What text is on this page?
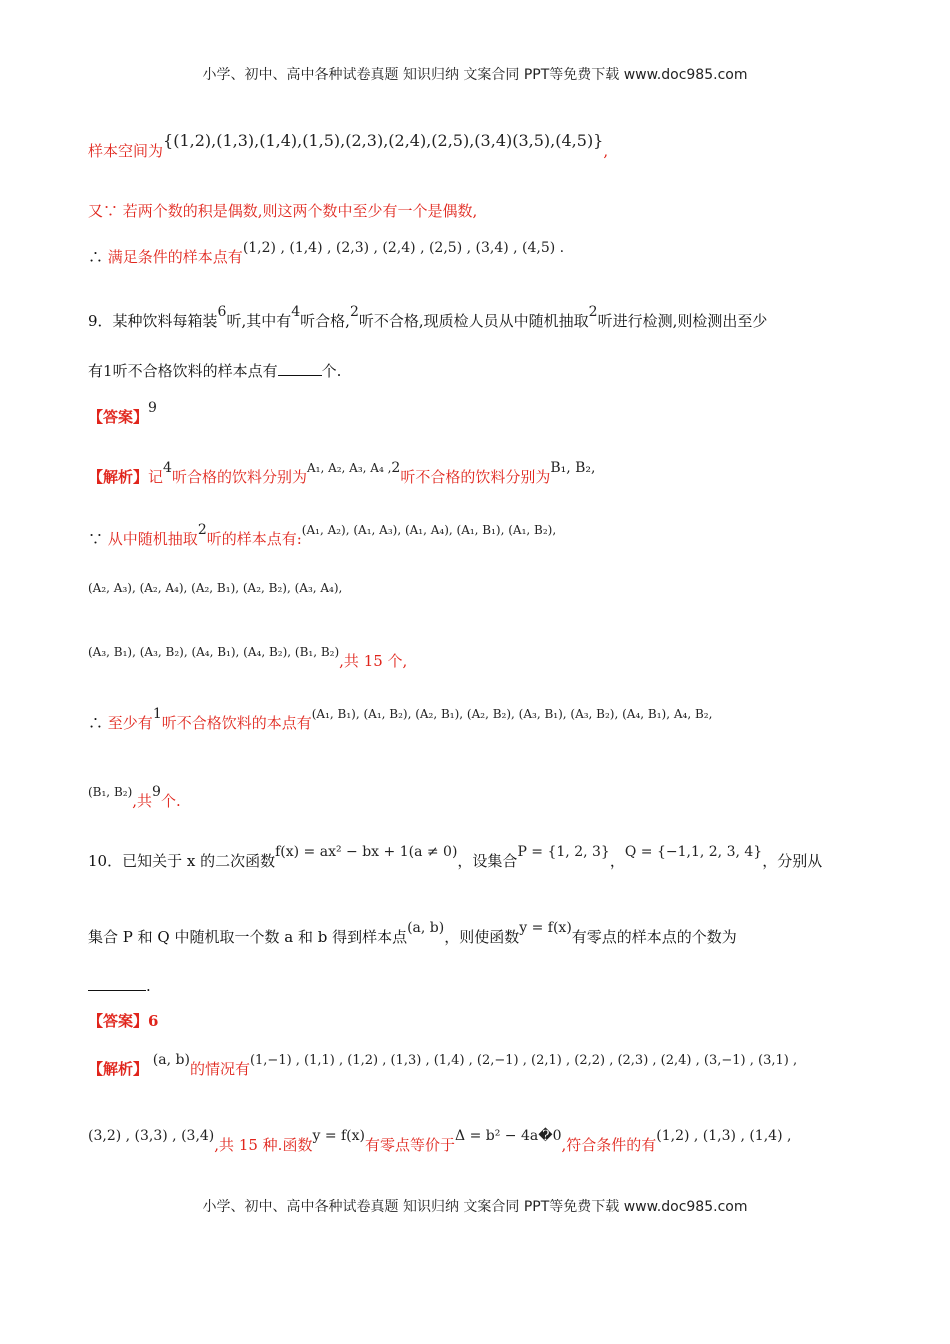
小学、初中、高中各种试卷真题 知识归纳 文案合同 PPT等免费下载 www.doc985.com
样本空间为{(1,2),(1,3),(1,4),(1,5),(2,3),(2,4),(2,5),(3,4)(3,5),(4,5)},
又∵ 若两个数的积是偶数,则这两个数中至少有一个是偶数,
∴ 满足条件的样本点有(1,2) , (1,4) , (2,3) , (2,4) , (2,5) , (3,4) , (4,5) .
9．某种饮料每箱装6听,其中有4听合格,2听不合格,现质检人员从中随机抽取2听进行检测,则检测出至少
有1听不合格饮料的样本点有	个.
【答案】9
【解析】记4听合格的饮料分别为$^{A_1, A_2, A_3, A_4 ,}$2听不合格的饮料分别为B₁, B₂,
∵ 从中随机抽取2听的样本点有:$^{(A_1, A_2), (A_1, A_3), (A_1, A_4), (A_1, B_1), (A_1, B_2),}$
$^{(A_2, A_3), (A_2, A_4), (A_2, B_1), (A_2, B_2), (A_3, A_4),}$
$^{(A_3, B_1), (A_3, B_2), (A_4, B_1), (A_4, B_2), (B_1, B_2)}$,共 15 个,
∴ 至少有1听不合格饮料的本点有$^{(A_1, B_1), (A_1, B_2), (A_2, B_1), (A_2, B_2), (A_3, B_1), (A_3, B_2), (A_4, B_1), A_4, B_2,}$
$^{(B_1, B_2)}$,共9个.
10．已知关于 x 的二次函数f(x) = ax² − bx + 1(a ≠ 0)，设集合P = {1, 2, 3}，Q = {−1,1, 2, 3, 4}，分别从
集合 P 和 Q 中随机取一个数 a 和 b 得到样本点(a, b)，则使函数y = f(x)有零点的样本点的个数为
.
【答案】6
【解析】 (a, b)的情况有(1,−1) , (1,1) , (1,2) , (1,3) , (1,4) , (2,−1) , (2,1) , (2,2) , (2,3) , (2,4) , (3,−1) , (3,1) ,
(3,2) , (3,3) , (3,4),共 15 种.函数y = f(x)有零点等价于Δ = b² − 4a�0,符合条件的有(1,2) , (1,3) , (1,4) ,
小学、初中、高中各种试卷真题 知识归纳 文案合同 PPT等免费下载 www.doc985.com
